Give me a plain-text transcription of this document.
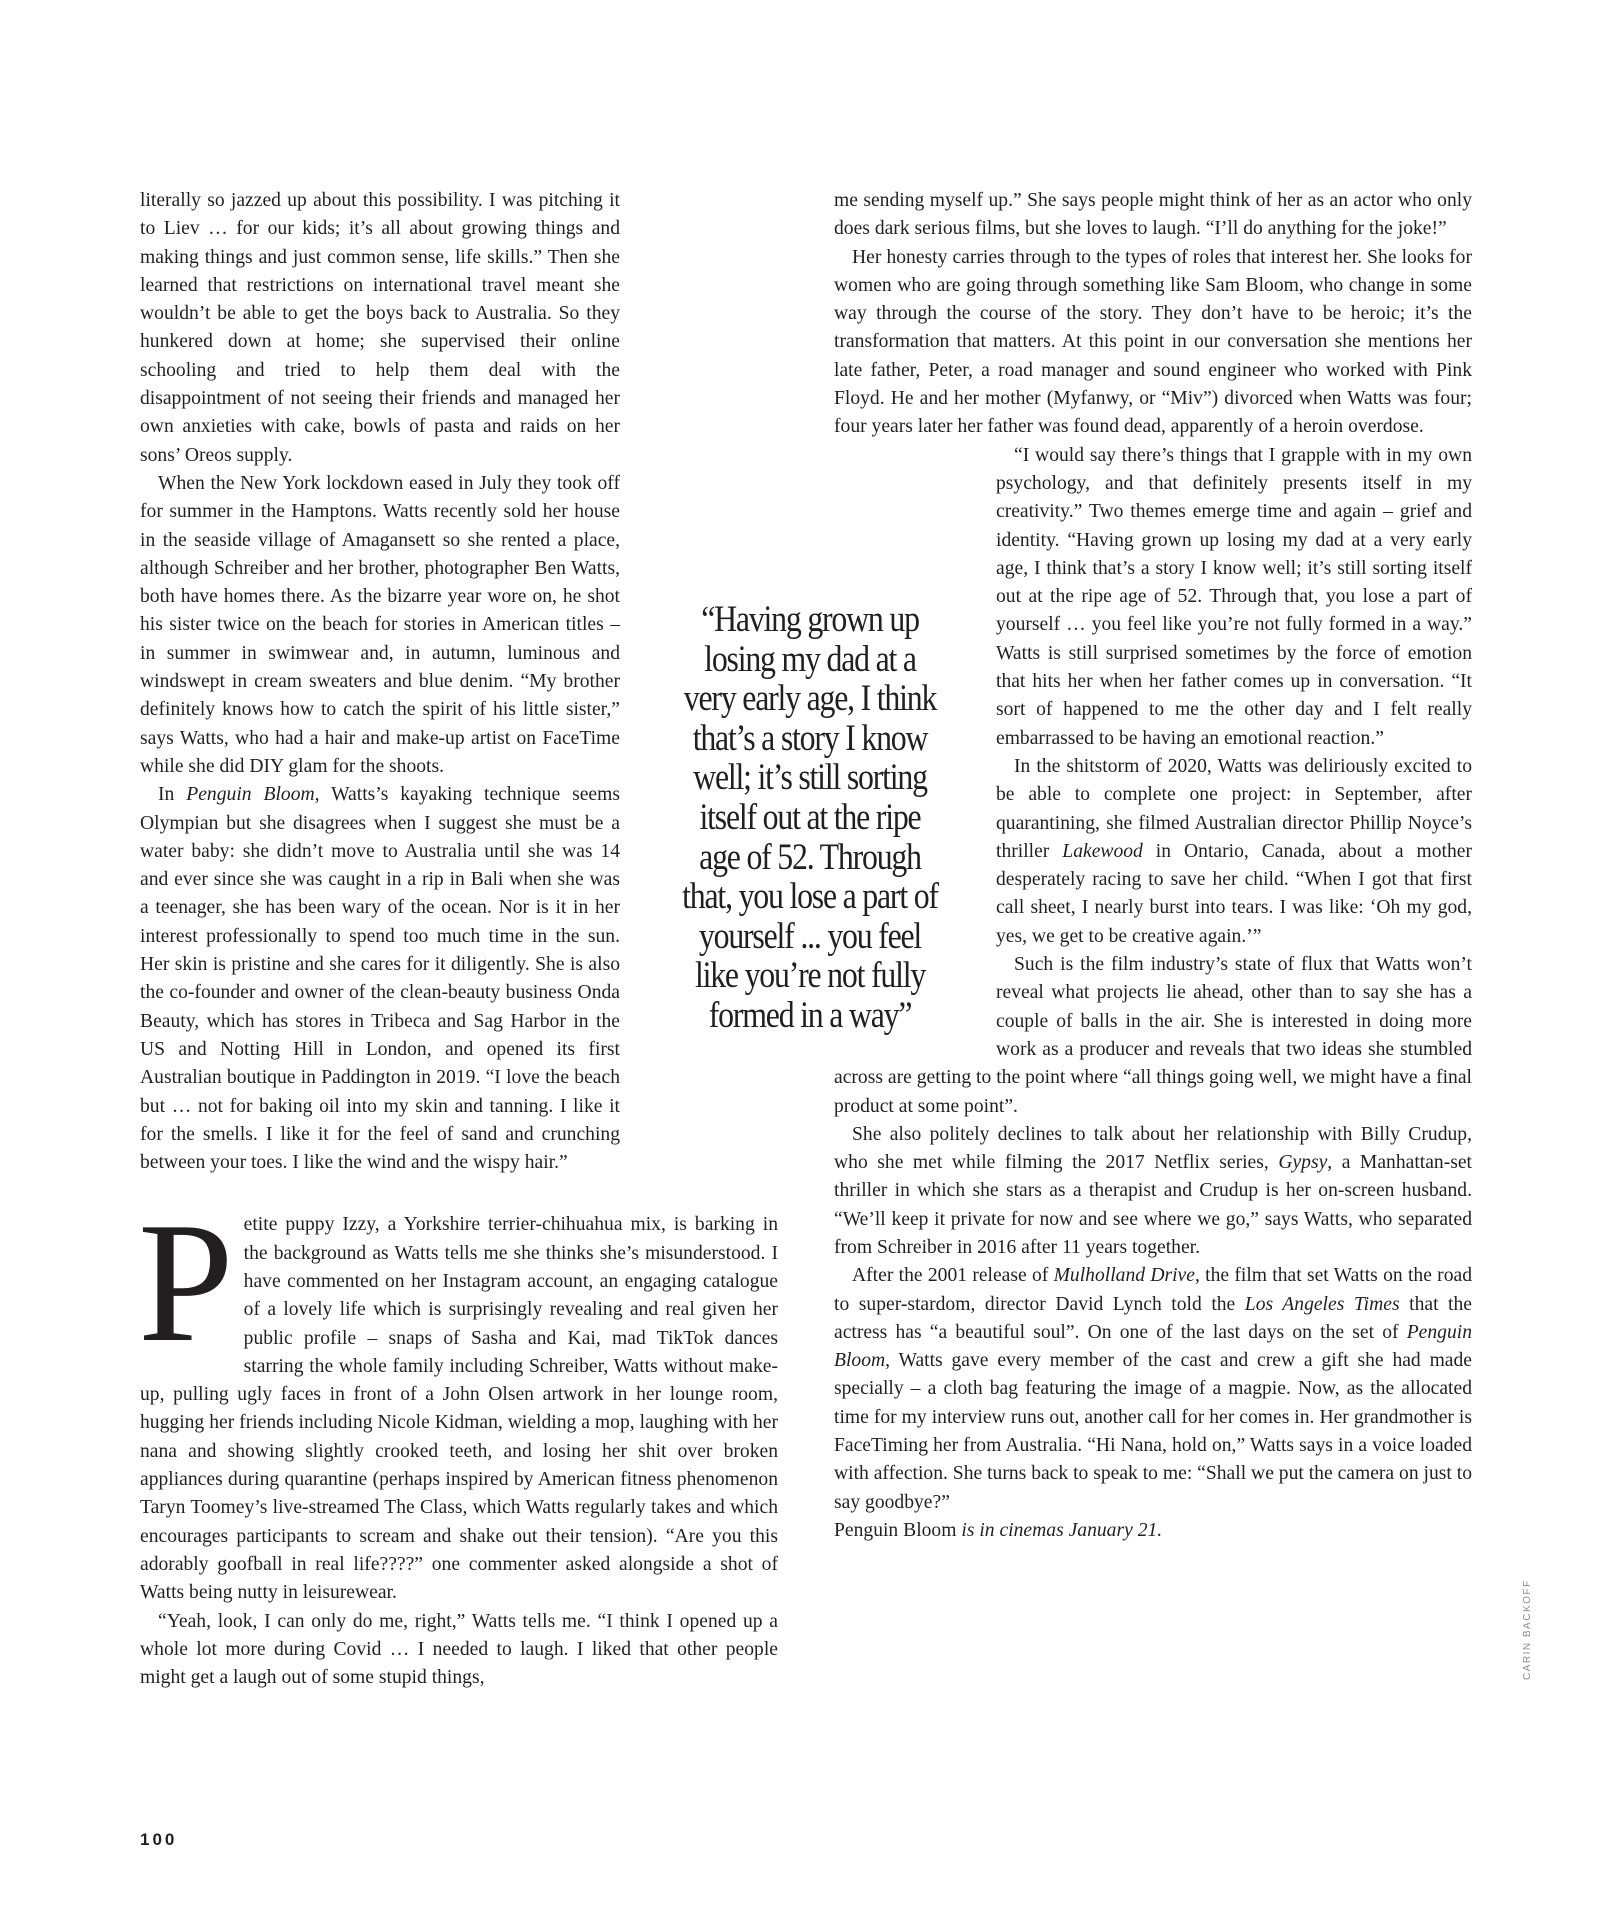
literally so jazzed up about this possibility. I was pitching it to Liev … for our kids; it’s all about growing things and making things and just common sense, life skills.” Then she learned that restrictions on international travel meant she wouldn’t be able to get the boys back to Australia. So they hunkered down at home; she supervised their online schooling and tried to help them deal with the disappointment of not seeing their friends and managed her own anxieties with cake, bowls of pasta and raids on her sons’ Oreos supply.

When the New York lockdown eased in July they took off for summer in the Hamptons. Watts recently sold her house in the seaside village of Amagansett so she rented a place, although Schreiber and her brother, photographer Ben Watts, both have homes there. As the bizarre year wore on, he shot his sister twice on the beach for stories in American titles – in summer in swimwear and, in autumn, luminous and windswept in cream sweaters and blue denim. “My brother definitely knows how to catch the spirit of his little sister,” says Watts, who had a hair and make-up artist on FaceTime while she did DIY glam for the shoots.

In Penguin Bloom, Watts’s kayaking technique seems Olympian but she disagrees when I suggest she must be a water baby: she didn’t move to Australia until she was 14 and ever since she was caught in a rip in Bali when she was a teenager, she has been wary of the ocean. Nor is it in her interest professionally to spend too much time in the sun. Her skin is pristine and she cares for it diligently. She is also the co-founder and owner of the clean-beauty business Onda Beauty, which has stores in Tribeca and Sag Harbor in the US and Notting Hill in London, and opened its first Australian boutique in Paddington in 2019. “I love the beach but … not for baking oil into my skin and tanning. I like it for the smells. I like it for the feel of sand and crunching between your toes. I like the wind and the wispy hair.”

Petite puppy Izzy, a Yorkshire terrier-chihuahua mix, is barking in the background as Watts tells me she thinks she’s misunderstood. I have commented on her Instagram account, an engaging catalogue of a lovely life which is surprisingly revealing and real given her public profile – snaps of Sasha and Kai, mad TikTok dances starring the whole family including Schreiber, Watts without make-up, pulling ugly faces in front of a John Olsen artwork in her lounge room, hugging her friends including Nicole Kidman, wielding a mop, laughing with her nana and showing slightly crooked teeth, and losing her shit over broken appliances during quarantine (perhaps inspired by American fitness phenomenon Taryn Toomey’s live-streamed The Class, which Watts regularly takes and which encourages participants to scream and shake out their tension). “Are you this adorably goofball in real life????” one commenter asked alongside a shot of Watts being nutty in leisurewear.

“Yeah, look, I can only do me, right,” Watts tells me. “I think I opened up a whole lot more during Covid … I needed to laugh. I liked that other people might get a laugh out of some stupid things,

me sending myself up.” She says people might think of her as an actor who only does dark serious films, but she loves to laugh. “I’ll do anything for the joke!”

Her honesty carries through to the types of roles that interest her. She looks for women who are going through something like Sam Bloom, who change in some way through the course of the story. They don’t have to be heroic; it’s the transformation that matters. At this point in our conversation she mentions her late father, Peter, a road manager and sound engineer who worked with Pink Floyd. He and her mother (Myfanwy, or “Miv”) divorced when Watts was four; four years later her father was found dead, apparently of a heroin overdose.

“I would say there’s things that I grapple with in my own psychology, and that definitely presents itself in my creativity.” Two themes emerge time and again – grief and identity. “Having grown up losing my dad at a very early age, I think that’s a story I know well; it’s still sorting itself out at the ripe age of 52. Through that, you lose a part of yourself … you feel like you’re not fully formed in a way.” Watts is still surprised sometimes by the force of emotion that hits her when her father comes up in conversation. “It sort of happened to me the other day and I felt really embarrassed to be having an emotional reaction.”

In the shitstorm of 2020, Watts was deliriously excited to be able to complete one project: in September, after quarantining, she filmed Australian director Phillip Noyce’s thriller Lakewood in Ontario, Canada, about a mother desperately racing to save her child. “When I got that first call sheet, I nearly burst into tears. I was like: ‘Oh my god, yes, we get to be creative again.’”

Such is the film industry’s state of flux that Watts won’t reveal what projects lie ahead, other than to say she has a couple of balls in the air. She is interested in doing more work as a producer and reveals that two ideas she stumbled across are getting to the point where “all things going well, we might have a final product at some point”.

She also politely declines to talk about her relationship with Billy Crudup, who she met while filming the 2017 Netflix series, Gypsy, a Manhattan-set thriller in which she stars as a therapist and Crudup is her on-screen husband. “We’ll keep it private for now and see where we go,” says Watts, who separated from Schreiber in 2016 after 11 years together.

After the 2001 release of Mulholland Drive, the film that set Watts on the road to super-stardom, director David Lynch told the Los Angeles Times that the actress has “a beautiful soul”. On one of the last days on the set of Penguin Bloom, Watts gave every member of the cast and crew a gift she had made specially – a cloth bag featuring the image of a magpie. Now, as the allocated time for my interview runs out, another call for her comes in. Her grandmother is FaceTiming her from Australia. “Hi Nana, hold on,” Watts says in a voice loaded with affection. She turns back to speak to me: “Shall we put the camera on just to say goodbye?”

Penguin Bloom is in cinemas January 21.

“Having grown up losing my dad at a very early age, I think that’s a story I know well; it’s still sorting itself out at the ripe age of 52. Through that, you lose a part of yourself ... you feel like you’re not fully formed in a way”
100
CARIN BACKOFF
